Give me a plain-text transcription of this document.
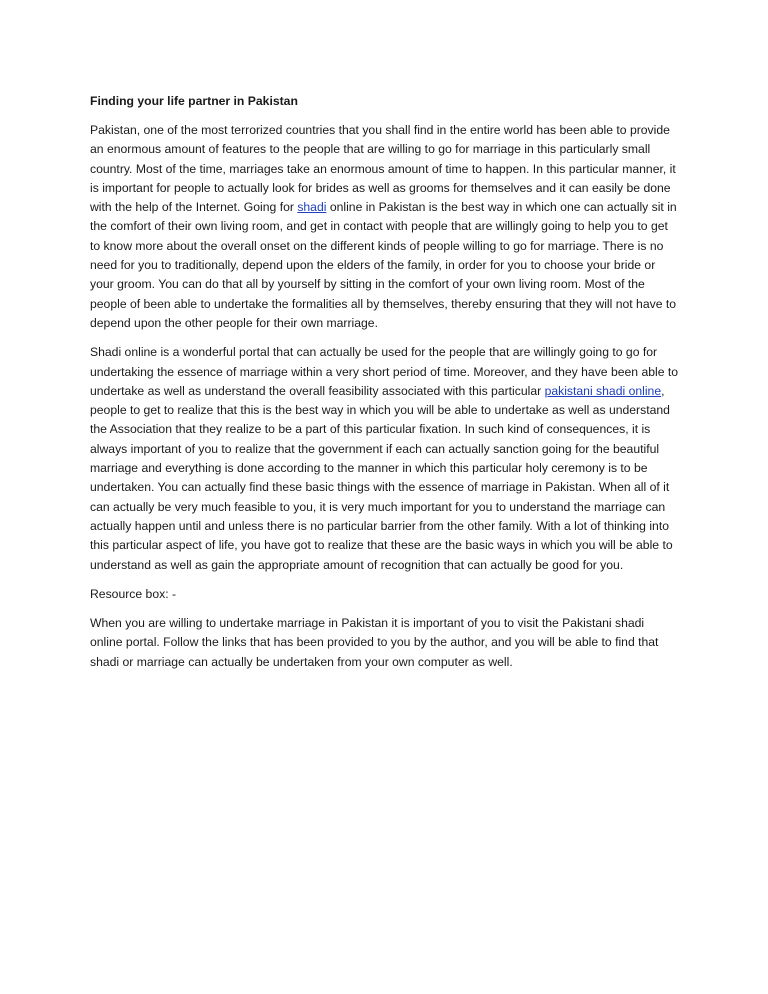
Finding your life partner in Pakistan

Pakistan, one of the most terrorized countries that you shall find in the entire world has been able to provide an enormous amount of features to the people that are willing to go for marriage in this particularly small country. Most of the time, marriages take an enormous amount of time to happen. In this particular manner, it is important for people to actually look for brides as well as grooms for themselves and it can easily be done with the help of the Internet. Going for shadi online in Pakistan is the best way in which one can actually sit in the comfort of their own living room, and get in contact with people that are willingly going to help you to get to know more about the overall onset on the different kinds of people willing to go for marriage. There is no need for you to traditionally, depend upon the elders of the family, in order for you to choose your bride or your groom. You can do that all by yourself by sitting in the comfort of your own living room. Most of the people of been able to undertake the formalities all by themselves, thereby ensuring that they will not have to depend upon the other people for their own marriage.

Shadi online is a wonderful portal that can actually be used for the people that are willingly going to go for undertaking the essence of marriage within a very short period of time. Moreover, and they have been able to undertake as well as understand the overall feasibility associated with this particular pakistani shadi online, people to get to realize that this is the best way in which you will be able to undertake as well as understand the Association that they realize to be a part of this particular fixation. In such kind of consequences, it is always important of you to realize that the government if each can actually sanction going for the beautiful marriage and everything is done according to the manner in which this particular holy ceremony is to be undertaken. You can actually find these basic things with the essence of marriage in Pakistan. When all of it can actually be very much feasible to you, it is very much important for you to understand the marriage can actually happen until and unless there is no particular barrier from the other family. With a lot of thinking into this particular aspect of life, you have got to realize that these are the basic ways in which you will be able to understand as well as gain the appropriate amount of recognition that can actually be good for you.

Resource box: -

When you are willing to undertake marriage in Pakistan it is important of you to visit the Pakistani shadi online portal. Follow the links that has been provided to you by the author, and you will be able to find that shadi or marriage can actually be undertaken from your own computer as well.
